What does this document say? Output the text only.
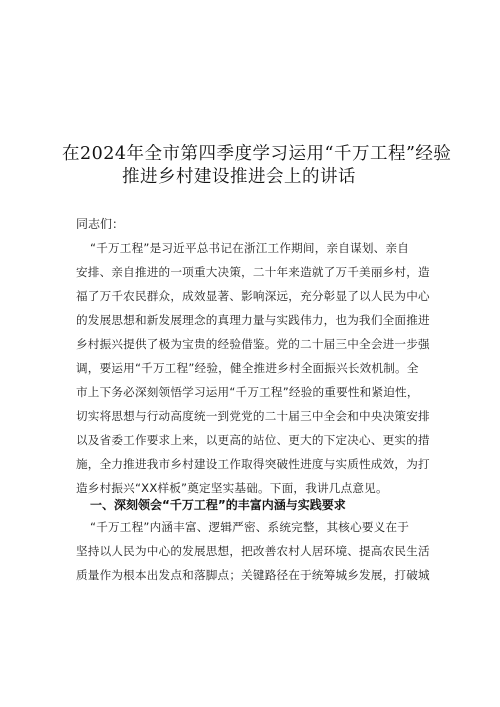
在2024年全市第四季度学习运用“千万工程”经验
推进乡村建设推进会上的讲话
同志们：
“千万工程”是习近平总书记在浙江工作期间，亲自谋划、亲自
安排、亲自推进的一项重大决策，二十年来造就了万千美丽乡村，造
福了万千农民群众，成效显著、影响深远，充分彰显了以人民为中心
的发展思想和新发展理念的真理力量与实践伟力，也为我们全面推进
乡村振兴提供了极为宝贵的经验借鉴。党的二十届三中全会进一步强
调，要运用“千万工程”经验，健全推进乡村全面振兴长效机制。全
市上下务必深刻领悟学习运用“千万工程”经验的重要性和紧迫性，
切实将思想与行动高度统一到党党的二十届三中全会和中央决策安排
以及省委工作要求上来，以更高的站位、更大的下定决心、更实的措
施，全力推进我市乡村建设工作取得突破性进度与实质性成效，为打
造乡村振兴“XX样板”奠定坚实基础。下面，我讲几点意见。
一、深刻领会“千万工程”的丰富内涵与实践要求
“千万工程”内涵丰富、逻辑严密、系统完整，其核心要义在于
坚持以人民为中心的发展思想，把改善农村人居环境、提高农民生活
质量作为根本出发点和落脚点；关键路径在于统筹城乡发展，打破城
